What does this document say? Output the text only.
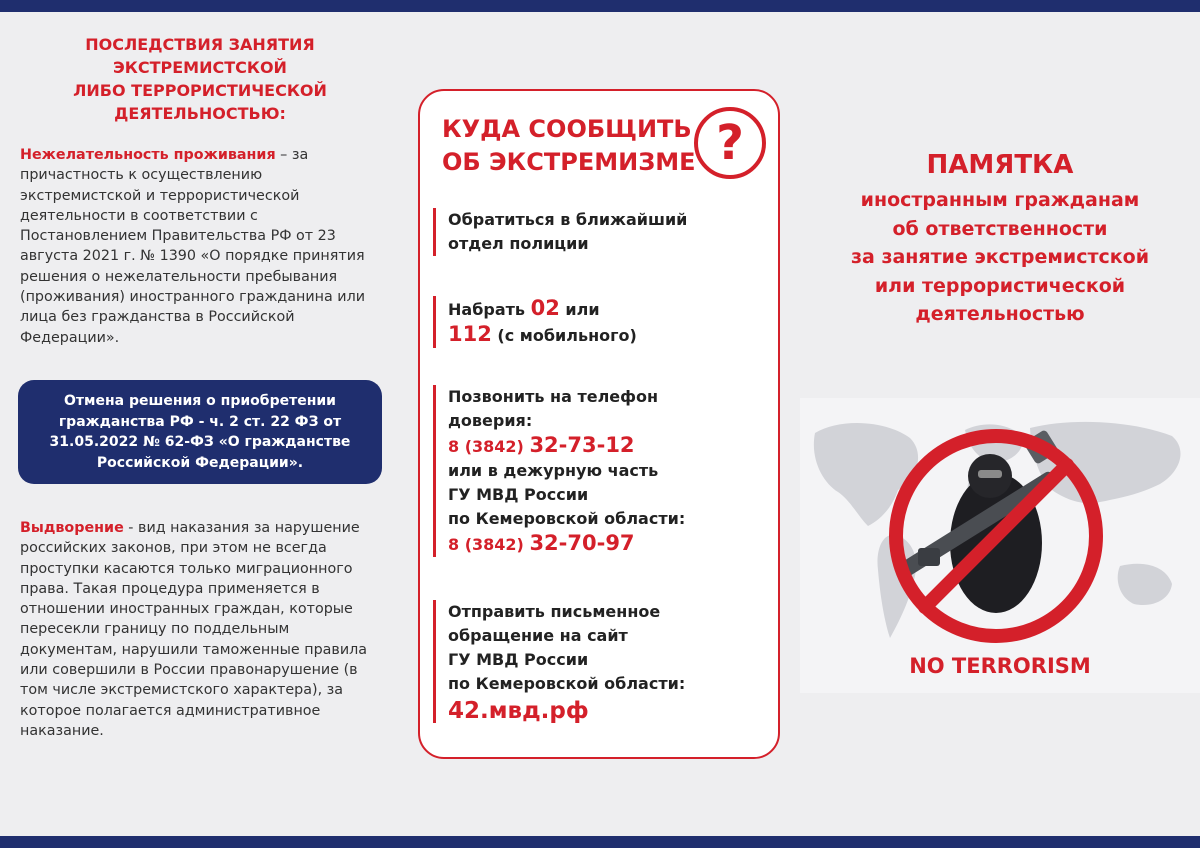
ПОСЛЕДСТВИЯ ЗАНЯТИЯ
ЭКСТРЕМИСТСКОЙ
ЛИБО ТЕРРОРИСТИЧЕСКОЙ
ДЕЯТЕЛЬНОСТЬЮ:
Нежелательность проживания – за причастность к осуществлению экстремистской и террористической деятельности в соответствии с Постановлением Правительства РФ от 23 августа 2021 г. № 1390 «О порядке принятия решения о нежелательности пребывания (проживания) иностранного гражданина или лица без гражданства в Российской Федерации».
Отмена решения о приобретении гражданства РФ - ч. 2 ст. 22 ФЗ от 31.05.2022 № 62-ФЗ «О гражданстве Российской Федерации».
Выдворение - вид наказания за нарушение российских законов, при этом не всегда проступки касаются только миграционного права. Такая процедура применяется в отношении иностранных граждан, которые пересекли границу по поддельным документам, нарушили таможенные правила или совершили в России правонарушение (в том числе экстремистского характера), за которое полагается административное наказание.
КУДА СООБЩИТЬ
ОБ ЭКСТРЕМИЗМЕ ?
Обратиться в ближайший
отдел полиции
Набрать 02 или
112 (с мобильного)
Позвонить на телефон
доверия:
8 (3842) 32-73-12
или в дежурную часть
ГУ МВД России
по Кемеровской области:
8 (3842) 32-70-97
Отправить письменное
обращение на сайт
ГУ МВД России
по Кемеровской области:
42.мвд.рф
ПАМЯТКА
иностранным гражданам
об ответственности
за занятие экстремистской
или террористической
деятельностью
NO TERRORISM
